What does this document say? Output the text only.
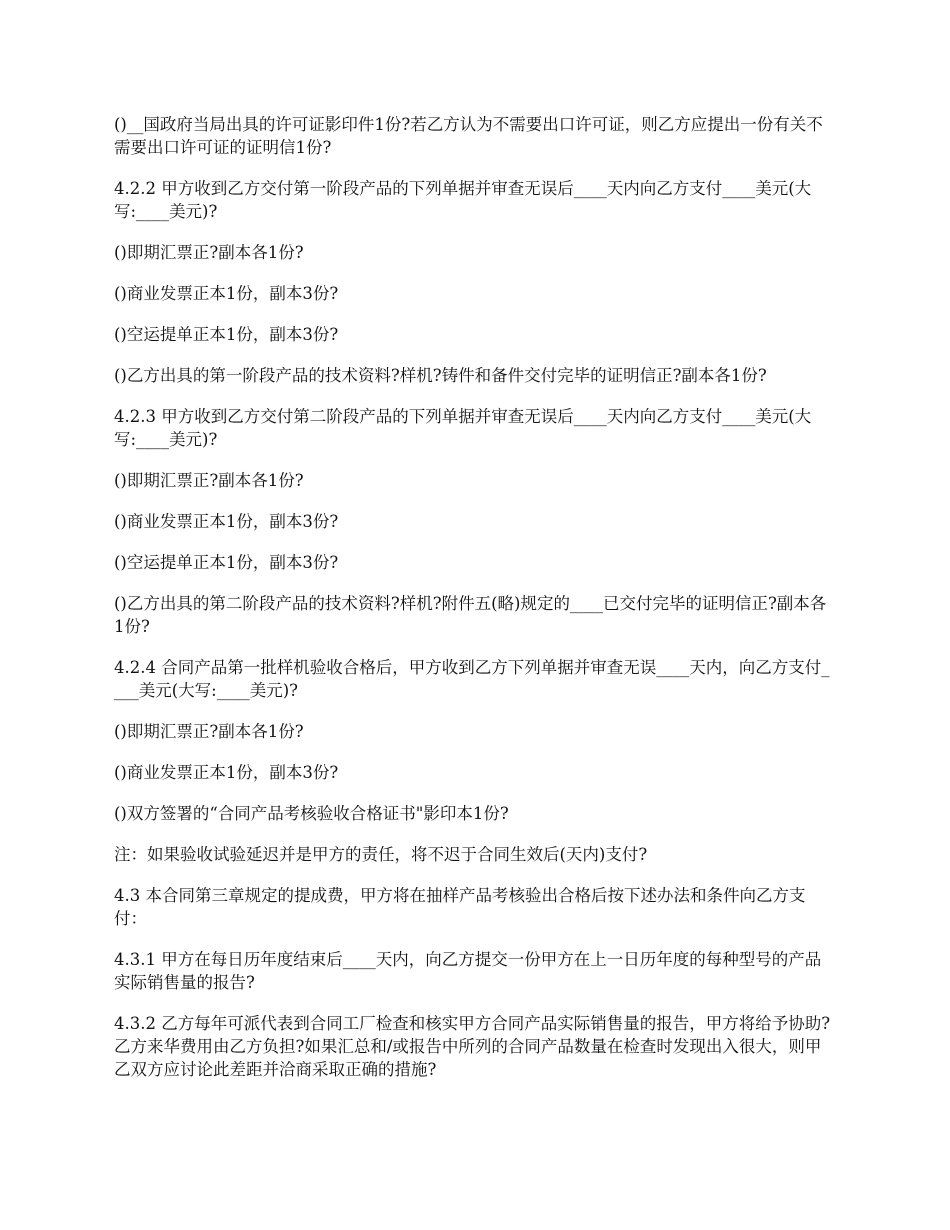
()__国政府当局出具的许可证影印件1份?若乙方认为不需要出口许可证，则乙方应提出一份有关不需要出口许可证的证明信1份?

4.2.2 甲方收到乙方交付第一阶段产品的下列单据并审查无误后____天内向乙方支付____美元(大写:____美元)?

()即期汇票正?副本各1份?

()商业发票正本1份，副本3份?

()空运提单正本1份，副本3份?

()乙方出具的第一阶段产品的技术资料?样机?铸件和备件交付完毕的证明信正?副本各1份?

4.2.3 甲方收到乙方交付第二阶段产品的下列单据并审查无误后____天内向乙方支付____美元(大写:____美元)?

()即期汇票正?副本各1份?

()商业发票正本1份，副本3份?

()空运提单正本1份，副本3份?

()乙方出具的第二阶段产品的技术资料?样机?附件五(略)规定的____已交付完毕的证明信正?副本各1份?

4.2.4 合同产品第一批样机验收合格后，甲方收到乙方下列单据并审查无误____天内，向乙方支付____美元(大写:____美元)?

()即期汇票正?副本各1份?

()商业发票正本1份，副本3份?

()双方签署的“合同产品考核验收合格证书"影印本1份?

注：如果验收试验延迟并是甲方的责任，将不迟于合同生效后(天内)支付?

4.3 本合同第三章规定的提成费，甲方将在抽样产品考核验出合格后按下述办法和条件向乙方支付：

4.3.1 甲方在每日历年度结束后____天内，向乙方提交一份甲方在上一日历年度的每种型号的产品实际销售量的报告?

4.3.2 乙方每年可派代表到合同工厂检查和核实甲方合同产品实际销售量的报告，甲方将给予协助?乙方来华费用由乙方负担?如果汇总和/或报告中所列的合同产品数量在检查时发现出入很大，则甲乙双方应讨论此差距并洽商采取正确的措施?
